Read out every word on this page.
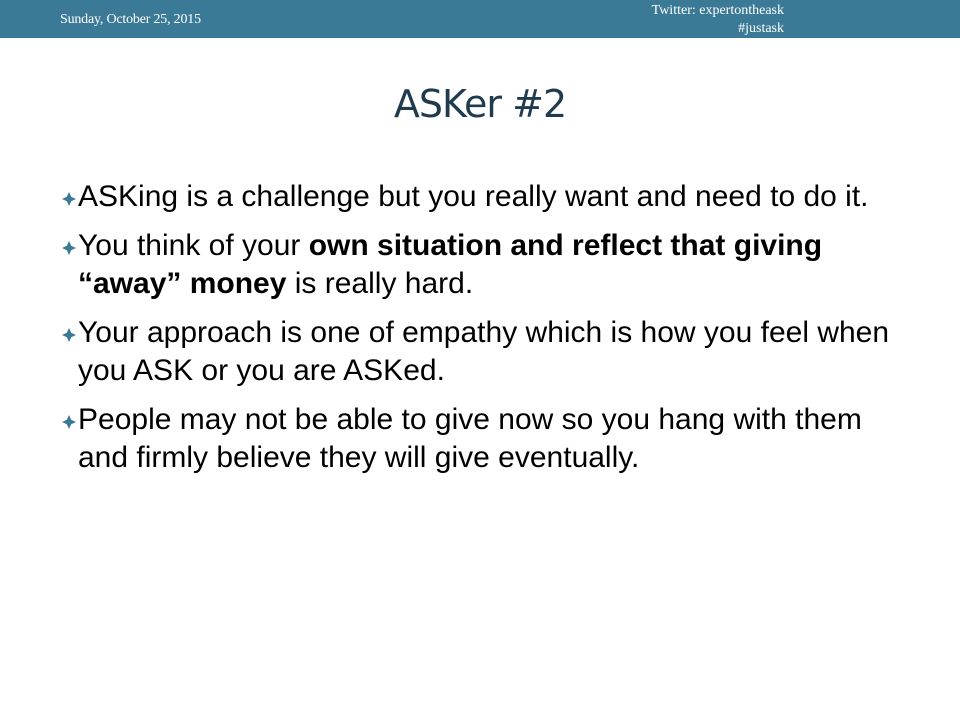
Sunday, October 25, 2015
Twitter: expertontheask
#justask
ASKer #2
ASKing is a challenge but you really want and need to do it.
You think of your own situation and reflect that giving “away” money is really hard.
Your approach is one of empathy which is how you feel when you ASK or you are ASKed.
People may not be able to give now so you hang with them and firmly believe they will give eventually.
